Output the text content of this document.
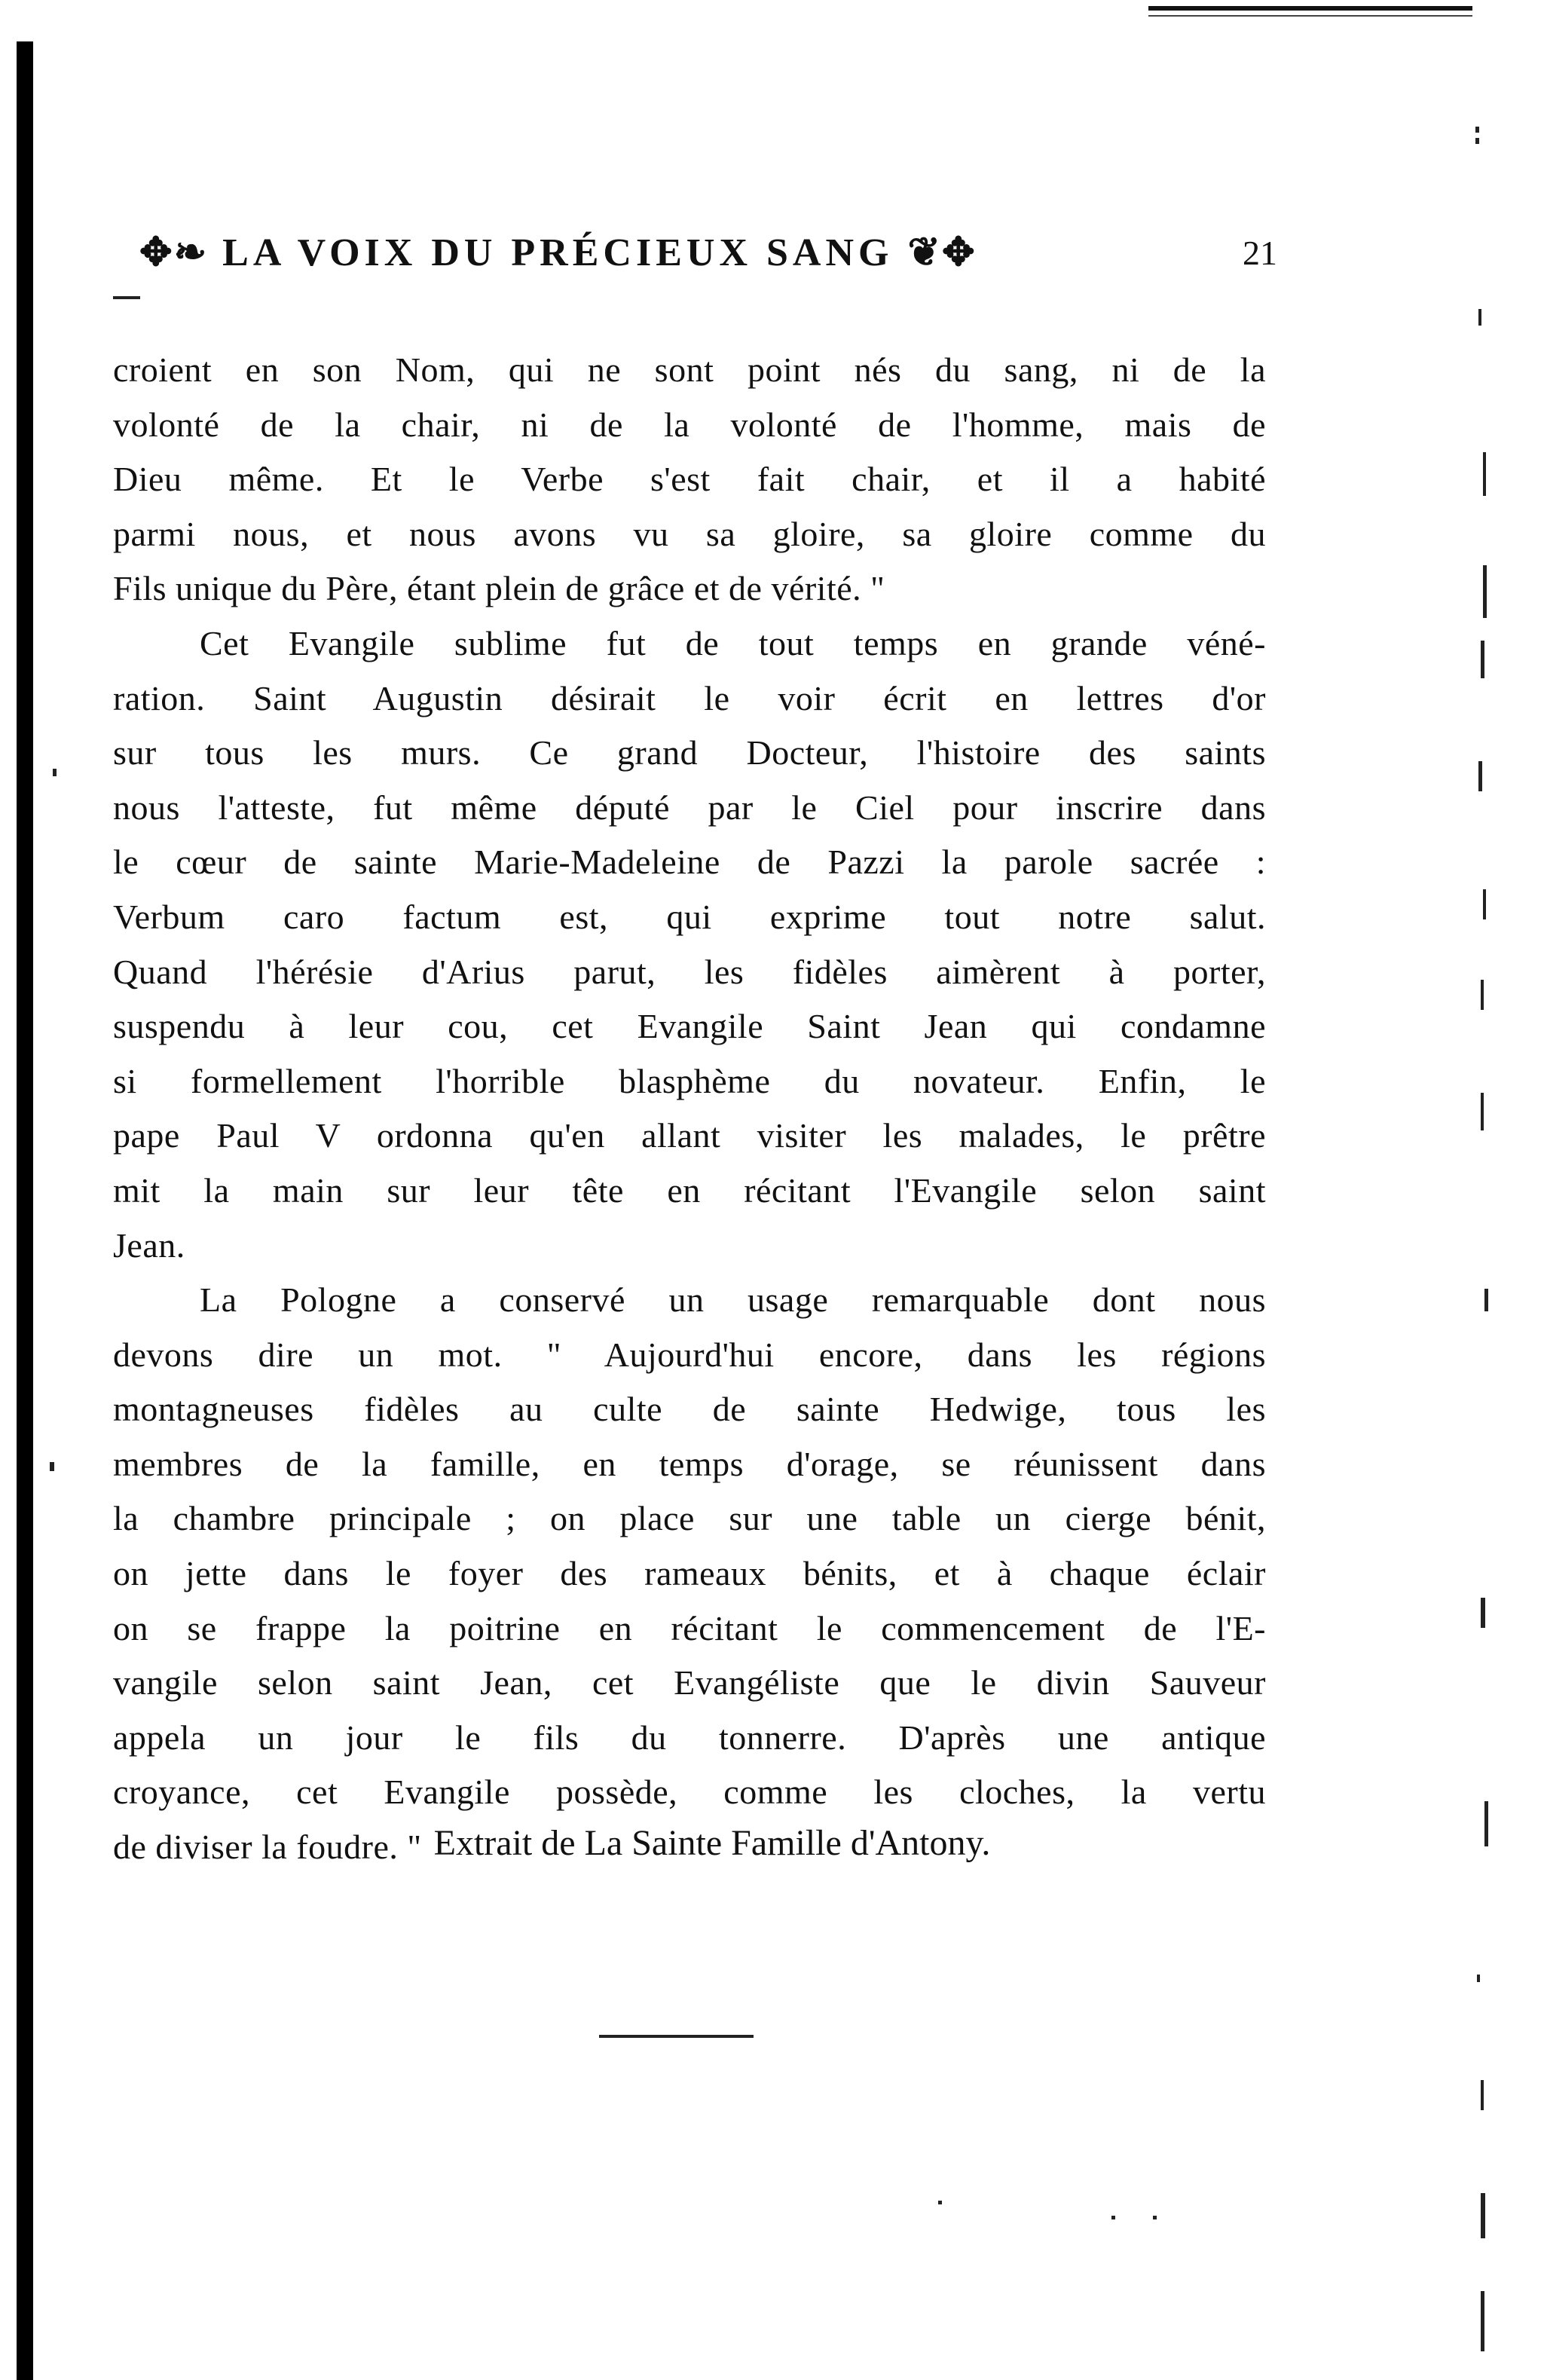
✥❧ LA VOIX DU PRÉCIEUX SANG ❦✥	21
croient en son Nom, qui ne sont point nés du sang, ni de la
volonté de la chair, ni de la volonté de l'homme, mais de
Dieu même. Et le Verbe s'est fait chair, et il a habité
parmi nous, et nous avons vu sa gloire, sa gloire comme du
Fils unique du Père, étant plein de grâce et de vérité. "
Cet Evangile sublime fut de tout temps en grande véné-
ration. Saint Augustin désirait le voir écrit en lettres d'or
sur tous les murs. Ce grand Docteur, l'histoire des saints
nous l'atteste, fut même député par le Ciel pour inscrire dans
le cœur de sainte Marie-Madeleine de Pazzi la parole sacrée :
Verbum caro factum est, qui exprime tout notre salut.
Quand l'hérésie d'Arius parut, les fidèles aimèrent à porter,
suspendu à leur cou, cet Evangile Saint Jean qui condamne
si formellement l'horrible blasphème du novateur. Enfin, le
pape Paul V ordonna qu'en allant visiter les malades, le prêtre
mit la main sur leur tête en récitant l'Evangile selon saint
Jean.
La Pologne a conservé un usage remarquable dont nous
devons dire un mot. " Aujourd'hui encore, dans les régions
montagneuses fidèles au culte de sainte Hedwige, tous les
membres de la famille, en temps d'orage, se réunissent dans
la chambre principale ; on place sur une table un cierge bénit,
on jette dans le foyer des rameaux bénits, et à chaque éclair
on se frappe la poitrine en récitant le commencement de l'E-
vangile selon saint Jean, cet Evangéliste que le divin Sauveur
appela un jour le fils du tonnerre. D'après une antique
croyance, cet Evangile possède, comme les cloches, la vertu
de diviser la foudre. " Extrait de La Sainte Famille d'Antony.
